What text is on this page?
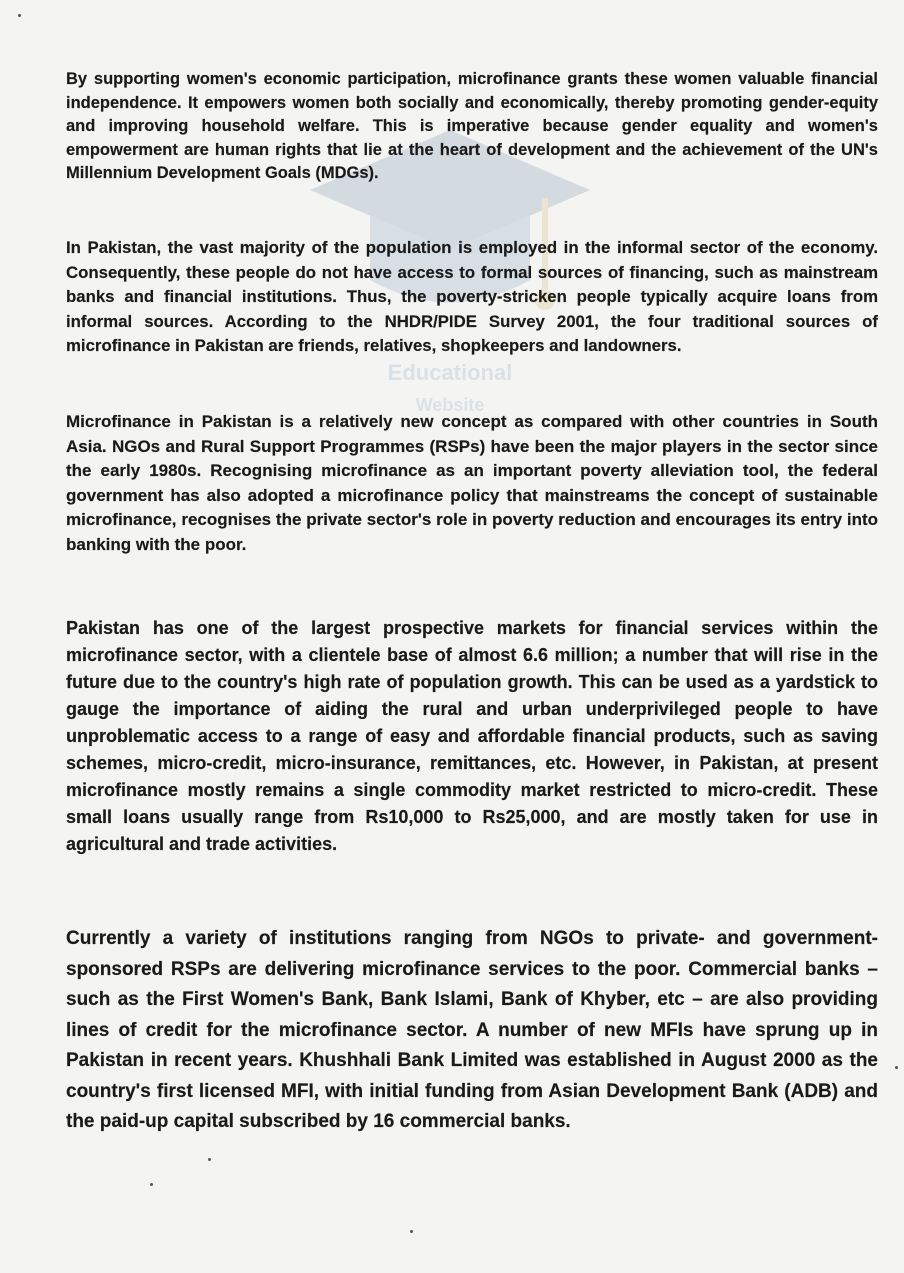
Educational
Website

By supporting women's economic participation, microfinance grants these women valuable financial independence. It empowers women both socially and economically, thereby promoting gender-equity and improving household welfare. This is imperative because gender equality and women's empowerment are human rights that lie at the heart of development and the achievement of the UN's Millennium Development Goals (MDGs).

In Pakistan, the vast majority of the population is employed in the informal sector of the economy. Consequently, these people do not have access to formal sources of financing, such as mainstream banks and financial institutions. Thus, the poverty-stricken people typically acquire loans from informal sources. According to the NHDR/PIDE Survey 2001, the four traditional sources of microfinance in Pakistan are friends, relatives, shopkeepers and landowners.

Microfinance in Pakistan is a relatively new concept as compared with other countries in South Asia. NGOs and Rural Support Programmes (RSPs) have been the major players in the sector since the early 1980s. Recognising microfinance as an important poverty alleviation tool, the federal government has also adopted a microfinance policy that mainstreams the concept of sustainable microfinance, recognises the private sector's role in poverty reduction and encourages its entry into banking with the poor.

Pakistan has one of the largest prospective markets for financial services within the microfinance sector, with a clientele base of almost 6.6 million; a number that will rise in the future due to the country's high rate of population growth. This can be used as a yardstick to gauge the importance of aiding the rural and urban underprivileged people to have unproblematic access to a range of easy and affordable financial products, such as saving schemes, micro-credit, micro-insurance, remittances, etc. However, in Pakistan, at present microfinance mostly remains a single commodity market restricted to micro-credit. These small loans usually range from Rs10,000 to Rs25,000, and are mostly taken for use in agricultural and trade activities.

Currently a variety of institutions ranging from NGOs to private- and government-sponsored RSPs are delivering microfinance services to the poor. Commercial banks –such as the First Women's Bank, Bank Islami, Bank of Khyber, etc – are also providing lines of credit for the microfinance sector. A number of new MFIs have sprung up in Pakistan in recent years. Khushhali Bank Limited was established in August 2000 as the country's first licensed MFI, with initial funding from Asian Development Bank (ADB) and the paid-up capital subscribed by 16 commercial banks.
